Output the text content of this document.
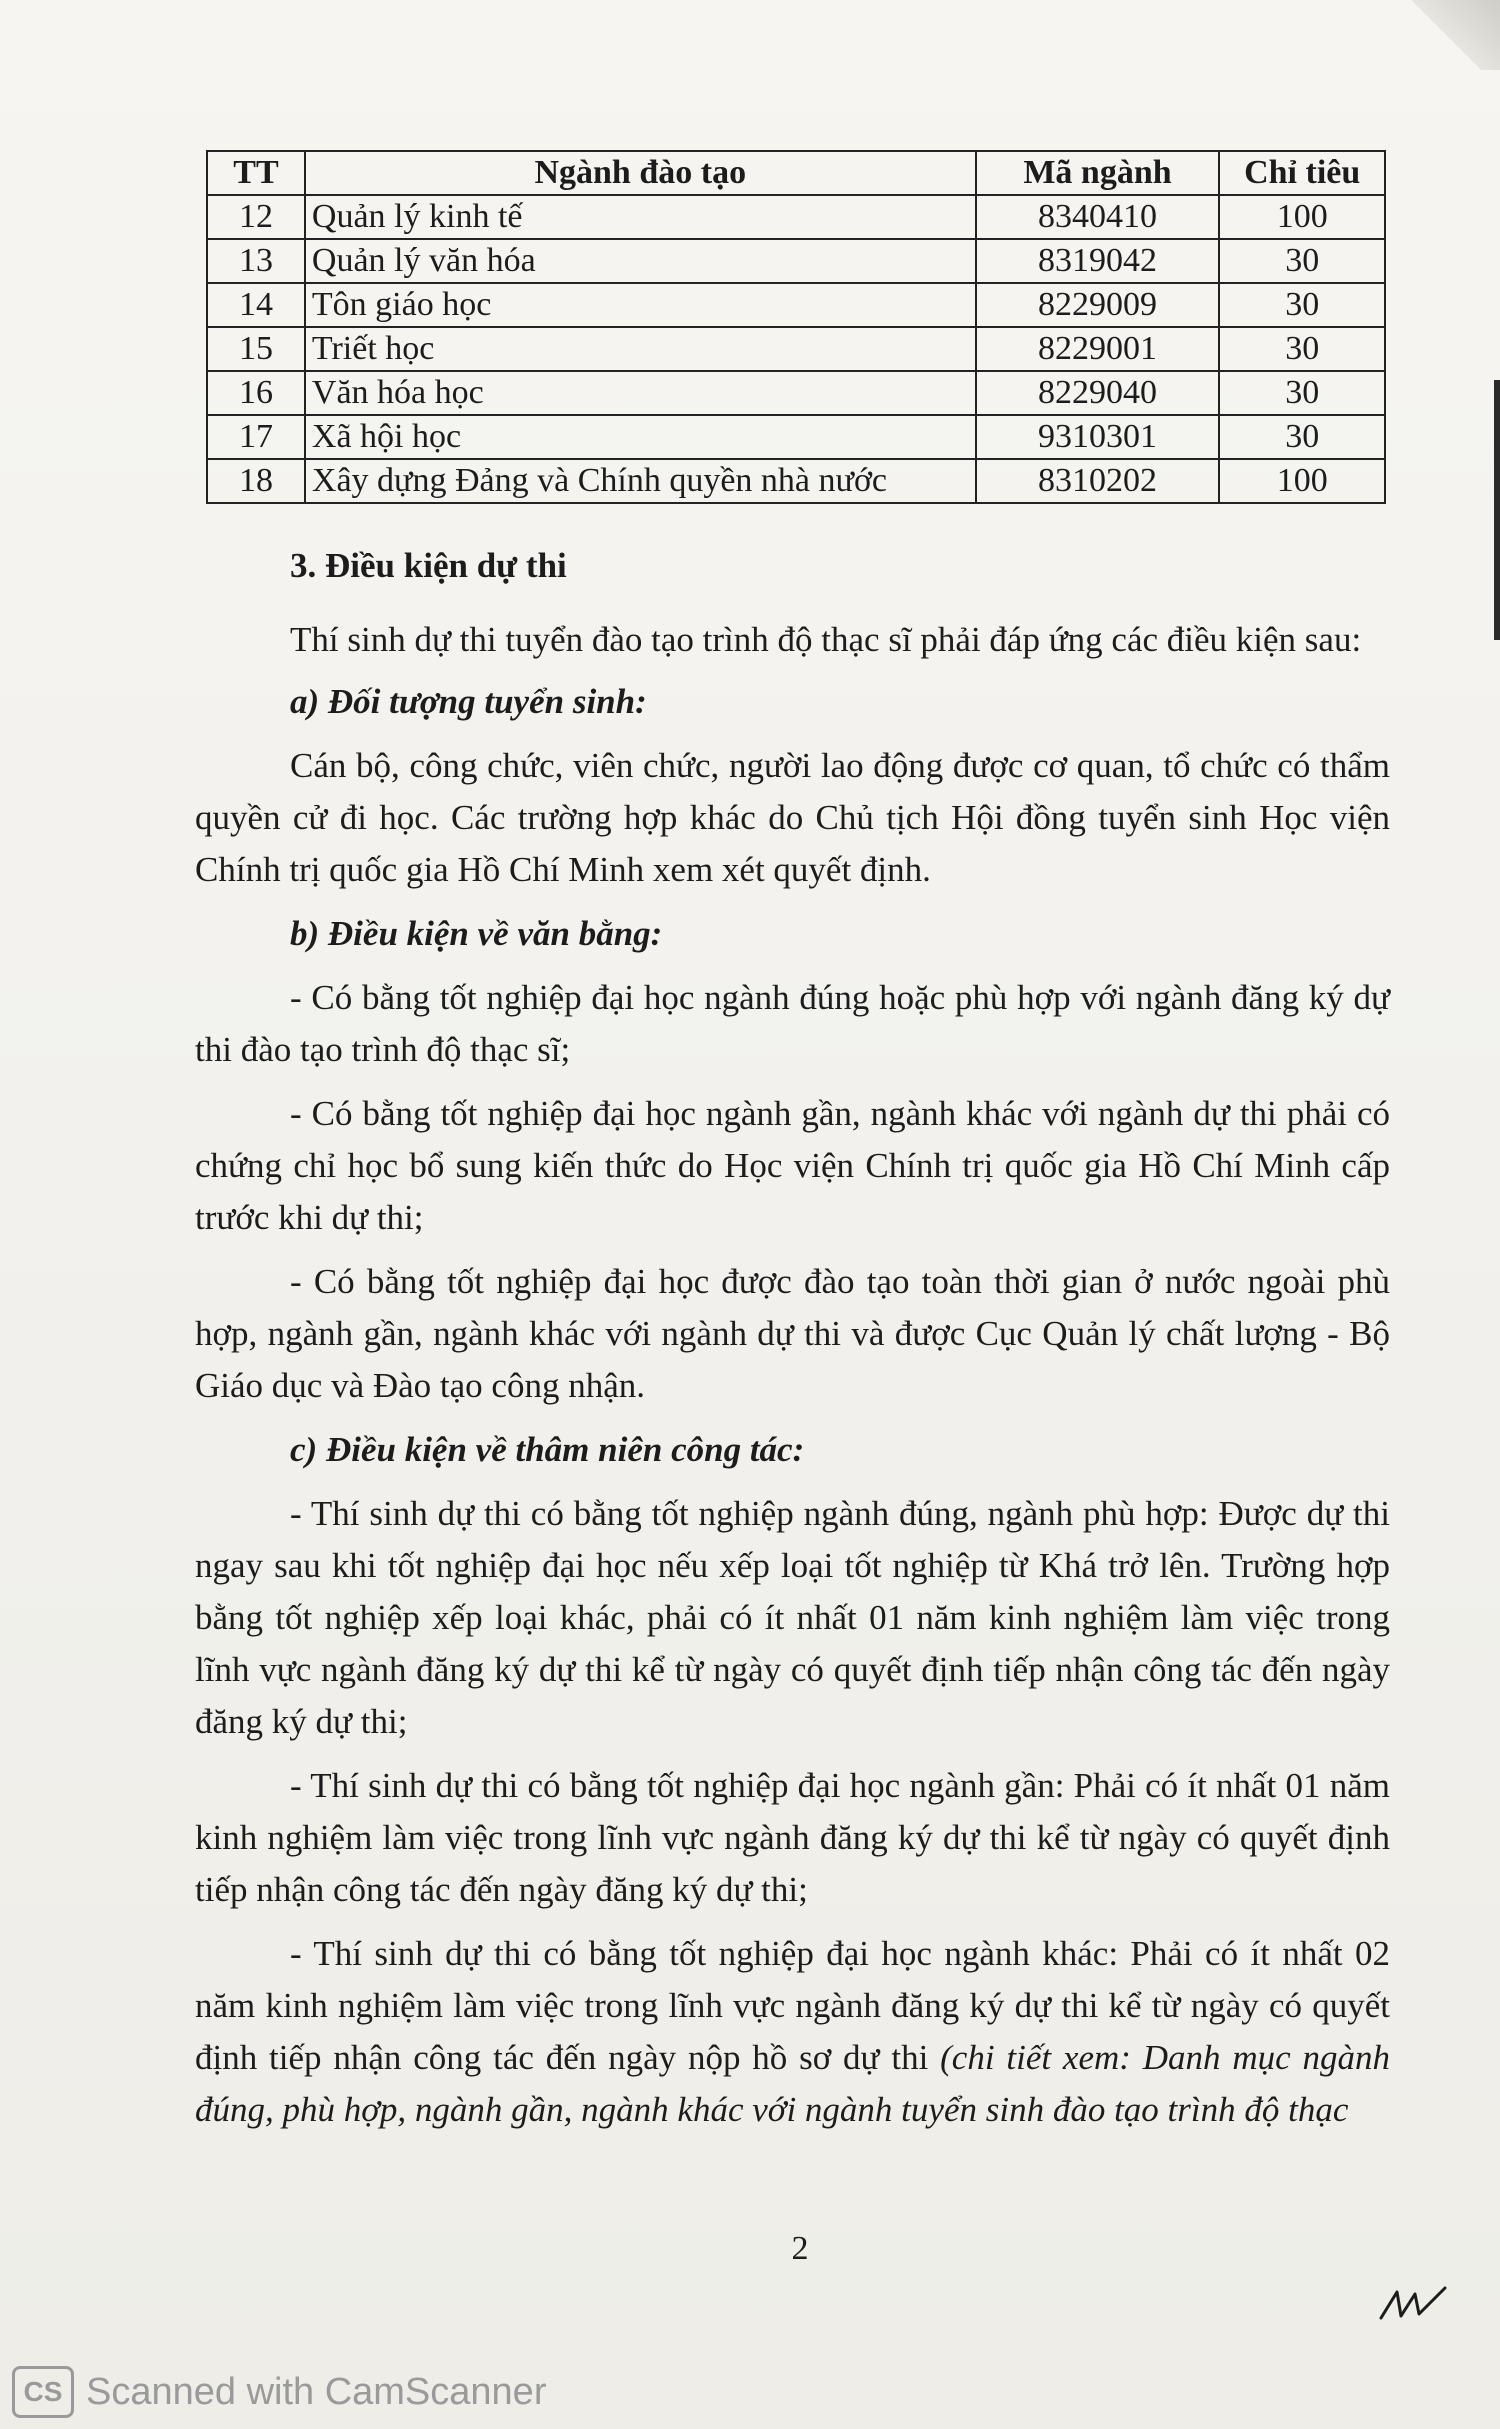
TT	Ngành đào tạo	Mã ngành	Chỉ tiêu
12	Quản lý kinh tế	8340410	100
13	Quản lý văn hóa	8319042	30
14	Tôn giáo học	8229009	30
15	Triết học	8229001	30
16	Văn hóa học	8229040	30
17	Xã hội học	9310301	30
18	Xây dựng Đảng và Chính quyền nhà nước	8310202	100

3. Điều kiện dự thi

Thí sinh dự thi tuyển đào tạo trình độ thạc sĩ phải đáp ứng các điều kiện sau:

a) Đối tượng tuyển sinh:

Cán bộ, công chức, viên chức, người lao động được cơ quan, tổ chức có thẩm quyền cử đi học. Các trường hợp khác do Chủ tịch Hội đồng tuyển sinh Học viện Chính trị quốc gia Hồ Chí Minh xem xét quyết định.

b) Điều kiện về văn bằng:

- Có bằng tốt nghiệp đại học ngành đúng hoặc phù hợp với ngành đăng ký dự thi đào tạo trình độ thạc sĩ;

- Có bằng tốt nghiệp đại học ngành gần, ngành khác với ngành dự thi phải có chứng chỉ học bổ sung kiến thức do Học viện Chính trị quốc gia Hồ Chí Minh cấp trước khi dự thi;

- Có bằng tốt nghiệp đại học được đào tạo toàn thời gian ở nước ngoài phù hợp, ngành gần, ngành khác với ngành dự thi và được Cục Quản lý chất lượng - Bộ Giáo dục và Đào tạo công nhận.

c) Điều kiện về thâm niên công tác:

- Thí sinh dự thi có bằng tốt nghiệp ngành đúng, ngành phù hợp: Được dự thi ngay sau khi tốt nghiệp đại học nếu xếp loại tốt nghiệp từ Khá trở lên. Trường hợp bằng tốt nghiệp xếp loại khác, phải có ít nhất 01 năm kinh nghiệm làm việc trong lĩnh vực ngành đăng ký dự thi kể từ ngày có quyết định tiếp nhận công tác đến ngày đăng ký dự thi;

- Thí sinh dự thi có bằng tốt nghiệp đại học ngành gần: Phải có ít nhất 01 năm kinh nghiệm làm việc trong lĩnh vực ngành đăng ký dự thi kể từ ngày có quyết định tiếp nhận công tác đến ngày đăng ký dự thi;

- Thí sinh dự thi có bằng tốt nghiệp đại học ngành khác: Phải có ít nhất 02 năm kinh nghiệm làm việc trong lĩnh vực ngành đăng ký dự thi kể từ ngày có quyết định tiếp nhận công tác đến ngày nộp hồ sơ dự thi (chi tiết xem: Danh mục ngành đúng, phù hợp, ngành gần, ngành khác với ngành tuyển sinh đào tạo trình độ thạc

2
CS Scanned with CamScanner
